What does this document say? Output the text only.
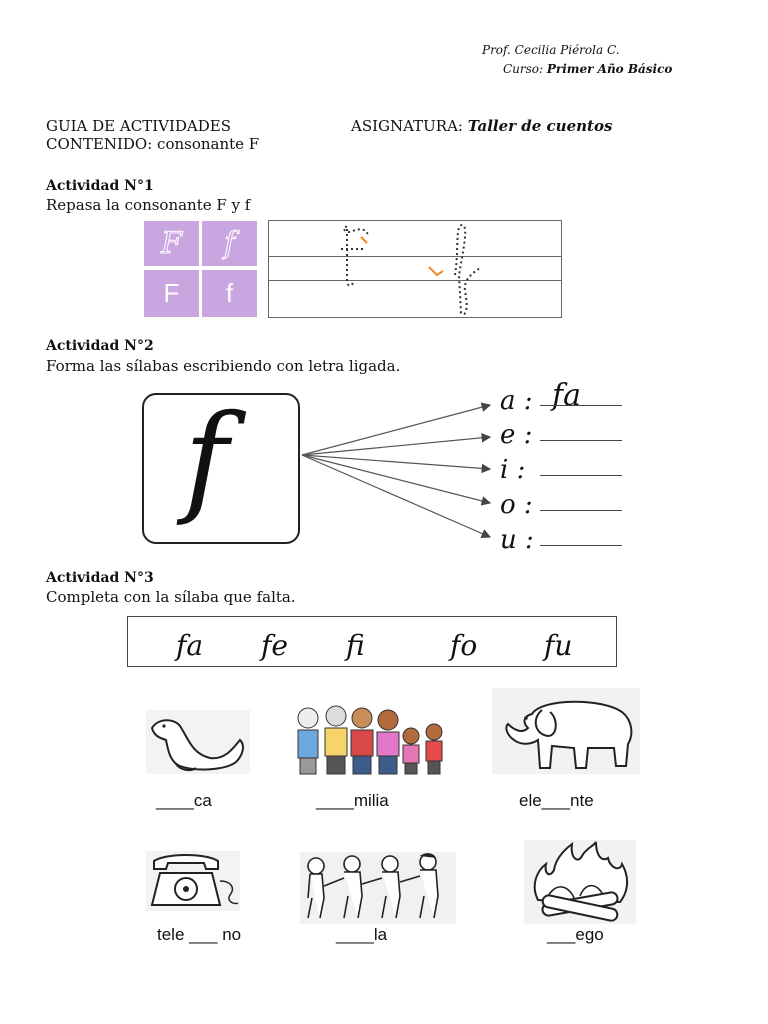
Prof. Cecilia Piérola C.
Curso: Primer Año Básico
GUIA DE ACTIVIDADES	ASIGNATURA: Taller de cuentos
CONTENIDO: consonante F
Actividad N°1
Repasa la consonante F y f
F f
F f
Actividad N°2
Forma las sílabas escribiendo con letra ligada.
f	a : fa
e :
i :
o :
u :
Actividad N°3
Completa con la sílaba que falta.
fa fe fi	fo fu
____ca	____milia	ele___nte
tele ___ no	____la	___ego
